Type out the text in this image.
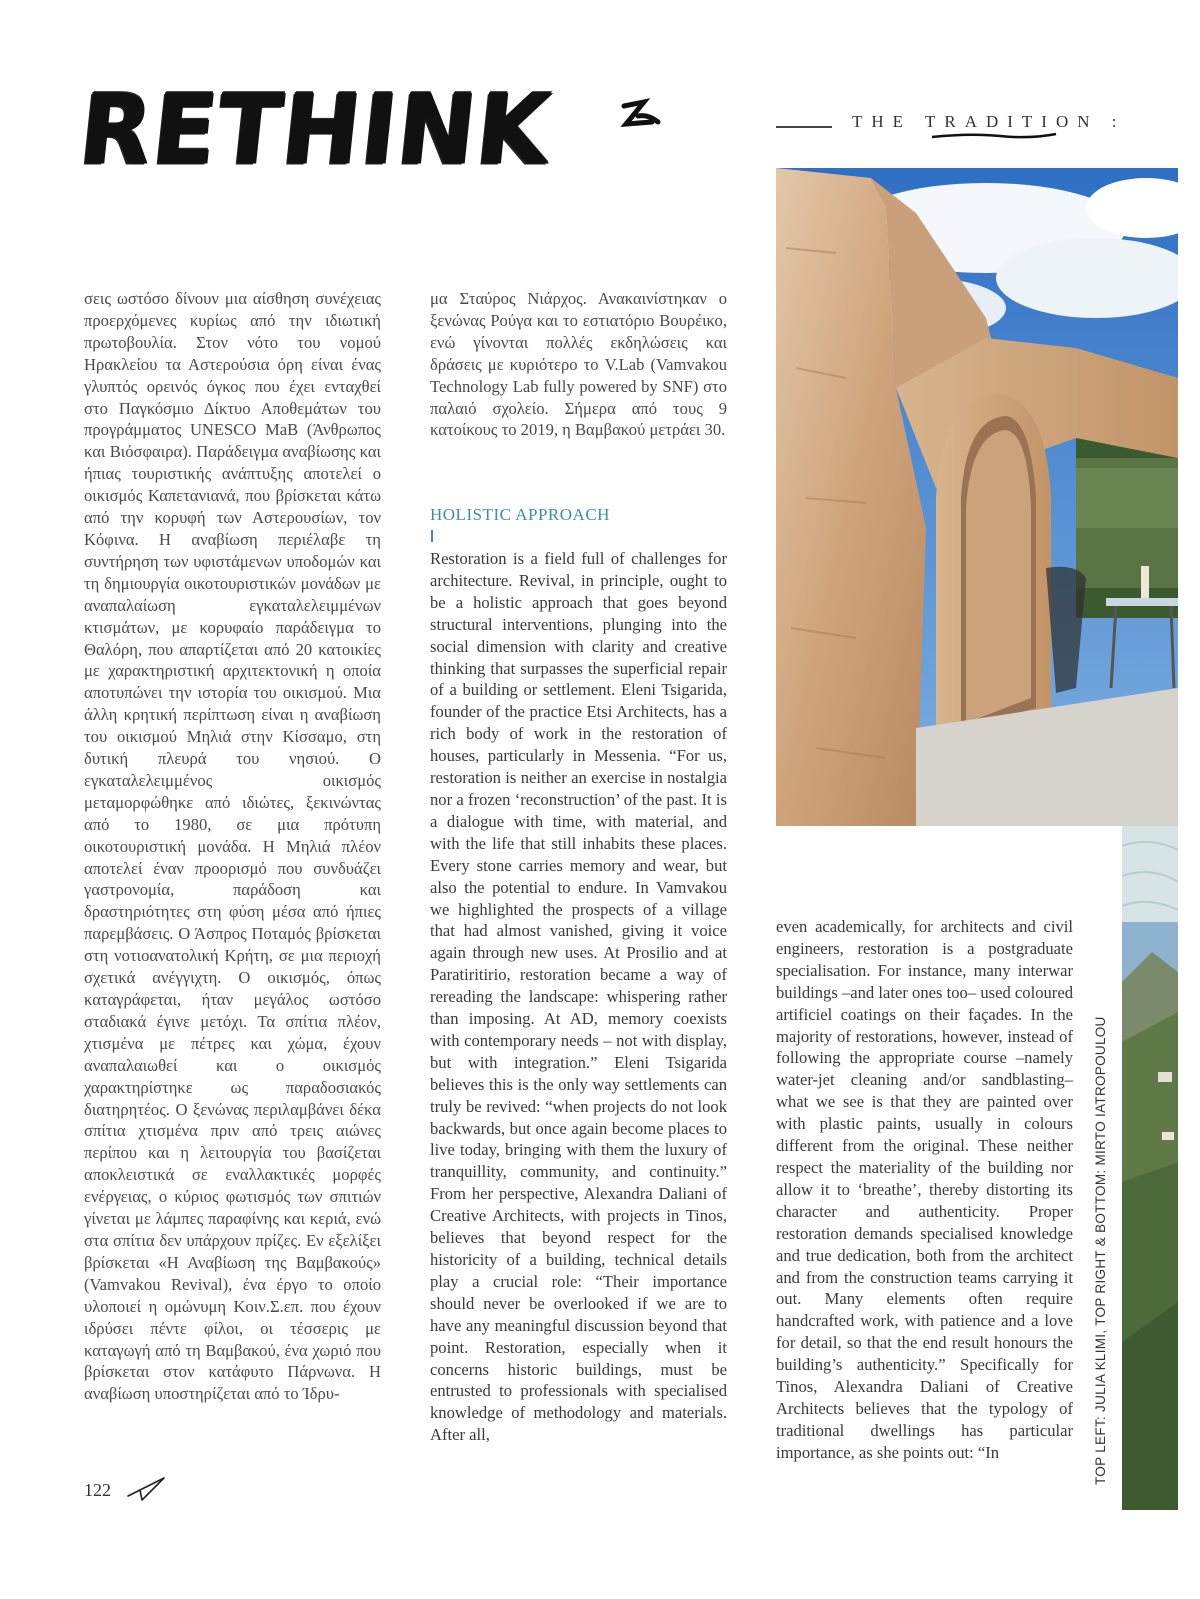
RETHINK	THE TRADITION :
TOP LEFT: JULIA KLIMI, TOP RIGHT & BOTTOM: MIRTO IATROPOULOU

σεις ωστόσο δίνουν μια αίσθηση συνέχειας προερχόμενες κυρίως από την ιδιωτική πρωτοβουλία. Στον νότο του νομού Ηρακλείου τα Αστερούσια όρη είναι ένας γλυπτός ορεινός όγκος που έχει ενταχθεί στο Παγκόσμιο Δίκτυο Αποθεμάτων του προγράμματος UNESCO MaB (Άνθρωπος και Βιόσφαιρα). Παράδειγμα αναβίωσης και ήπιας τουριστικής ανάπτυξης αποτελεί ο οικισμός Καπετανιανά, που βρίσκεται κάτω από την κορυφή των Αστερουσίων, τον Κόφινα. Η αναβίωση περιέλαβε τη συντήρηση των υφιστάμενων υποδομών και τη δημιουργία οικοτουριστικών μονάδων με αναπαλαίωση εγκαταλελειμμένων κτισμάτων, με κορυφαίο παράδειγμα το Θαλόρη, που απαρτίζεται από 20 κατοικίες με χαρακτηριστική αρχιτεκτονική η οποία αποτυπώνει την ιστορία του οικισμού. Μια άλλη κρητική περίπτωση είναι η αναβίωση του οικισμού Μηλιά στην Κίσσαμο, στη δυτική πλευρά του νησιού. Ο εγκαταλελειμμένος οικισμός μεταμορφώθηκε από ιδιώτες, ξεκινώντας από το 1980, σε μια πρότυπη οικοτουριστική μονάδα. Η Μηλιά πλέον αποτελεί έναν προορισμό που συνδυάζει γαστρονομία, παράδοση και δραστηριότητες στη φύση μέσα από ήπιες παρεμβάσεις. Ο Άσπρος Ποταμός βρίσκεται στη νοτιοανατολική Κρήτη, σε μια περιοχή σχετικά ανέγγιχτη. Ο οικισμός, όπως καταγράφεται, ήταν μεγάλος ωστόσο σταδιακά έγινε μετόχι. Τα σπίτια πλέον, χτισμένα με πέτρες και χώμα, έχουν αναπαλαιωθεί και ο οικισμός χαρακτηρίστηκε ως παραδοσιακός διατηρητέος. Ο ξενώνας περιλαμβάνει δέκα σπίτια χτισμένα πριν από τρεις αιώνες περίπου και η λειτουργία του βασίζεται αποκλειστικά σε εναλλακτικές μορφές ενέργειας, ο κύριος φωτισμός των σπιτιών γίνεται με λάμπες παραφίνης και κεριά, ενώ στα σπίτια δεν υπάρχουν πρίζες. Εν εξελίξει βρίσκεται «Η Αναβίωση της Βαμβακούς» (Vamvakou Revival), ένα έργο το οποίο υλοποιεί η ομώνυμη Κοιν.Σ.επ. που έχουν ιδρύσει πέντε φίλοι, οι τέσσερις με καταγωγή από τη Βαμβακού, ένα χωριό που βρίσκεται στον κατάφυτο Πάρνωνα. Η αναβίωση υποστηρίζεται από το Ίδρυ-

μα Σταύρος Νιάρχος. Ανακαινίστηκαν ο ξενώνας Ρούγα και το εστιατόριο Βουρέικο, ενώ γίνονται πολλές εκδηλώσεις και δράσεις με κυριότερο το V.Lab (Vamvakou Technology Lab fully powered by SNF) στο παλαιό σχολείο. Σήμερα από τους 9 κατοίκους το 2019, η Βαμβακού μετράει 30.

HOLISTIC APPROACH

Restoration is a field full of challenges for architecture. Revival, in principle, ought to be a holistic approach that goes beyond structural interventions, plunging into the social dimension with clarity and creative thinking that surpasses the superficial repair of a building or settlement. Eleni Tsigarida, founder of the practice Etsi Architects, has a rich body of work in the restoration of houses, particularly in Messenia. “For us, restoration is neither an exercise in nostalgia nor a frozen ‘reconstruction’ of the past. It is a dialogue with time, with material, and with the life that still inhabits these places. Every stone carries memory and wear, but also the potential to endure. In Vamvakou we highlighted the prospects of a village that had almost vanished, giving it voice again through new uses. At Prosilio and at Paratiritirio, restoration became a way of rereading the landscape: whispering rather than imposing. At AD, memory coexists with contemporary needs – not with display, but with integration.” Eleni Tsigarida believes this is the only way settlements can truly be revived: “when projects do not look backwards, but once again become places to live today, bringing with them the luxury of tranquillity, community, and continuity.” From her perspective, Alexandra Daliani of Creative Architects, with projects in Tinos, believes that beyond respect for the historicity of a building, technical details play a crucial role: “Their importance should never be overlooked if we are to have any meaningful discussion beyond that point. Restoration, especially when it concerns historic buildings, must be entrusted to professionals with specialised knowledge of methodology and materials. After all,

even academically, for architects and civil engineers, restoration is a postgraduate specialisation. For instance, many interwar buildings –and later ones too– used coloured artificiel coatings on their façades. In the majority of restorations, however, instead of following the appropriate course –namely water-jet cleaning and/or sandblasting– what we see is that they are painted over with plastic paints, usually in colours different from the original. These neither respect the materiality of the building nor allow it to ‘breathe’, thereby distorting its character and authenticity. Proper restoration demands specialised knowledge and true dedication, both from the architect and from the construction teams carrying it out. Many elements often require handcrafted work, with patience and a love for detail, so that the end result honours the building’s authenticity.” Specifically for Tinos, Alexandra Daliani of Creative Architects believes that the typology of traditional dwellings has particular importance, as she points out: “In

122
